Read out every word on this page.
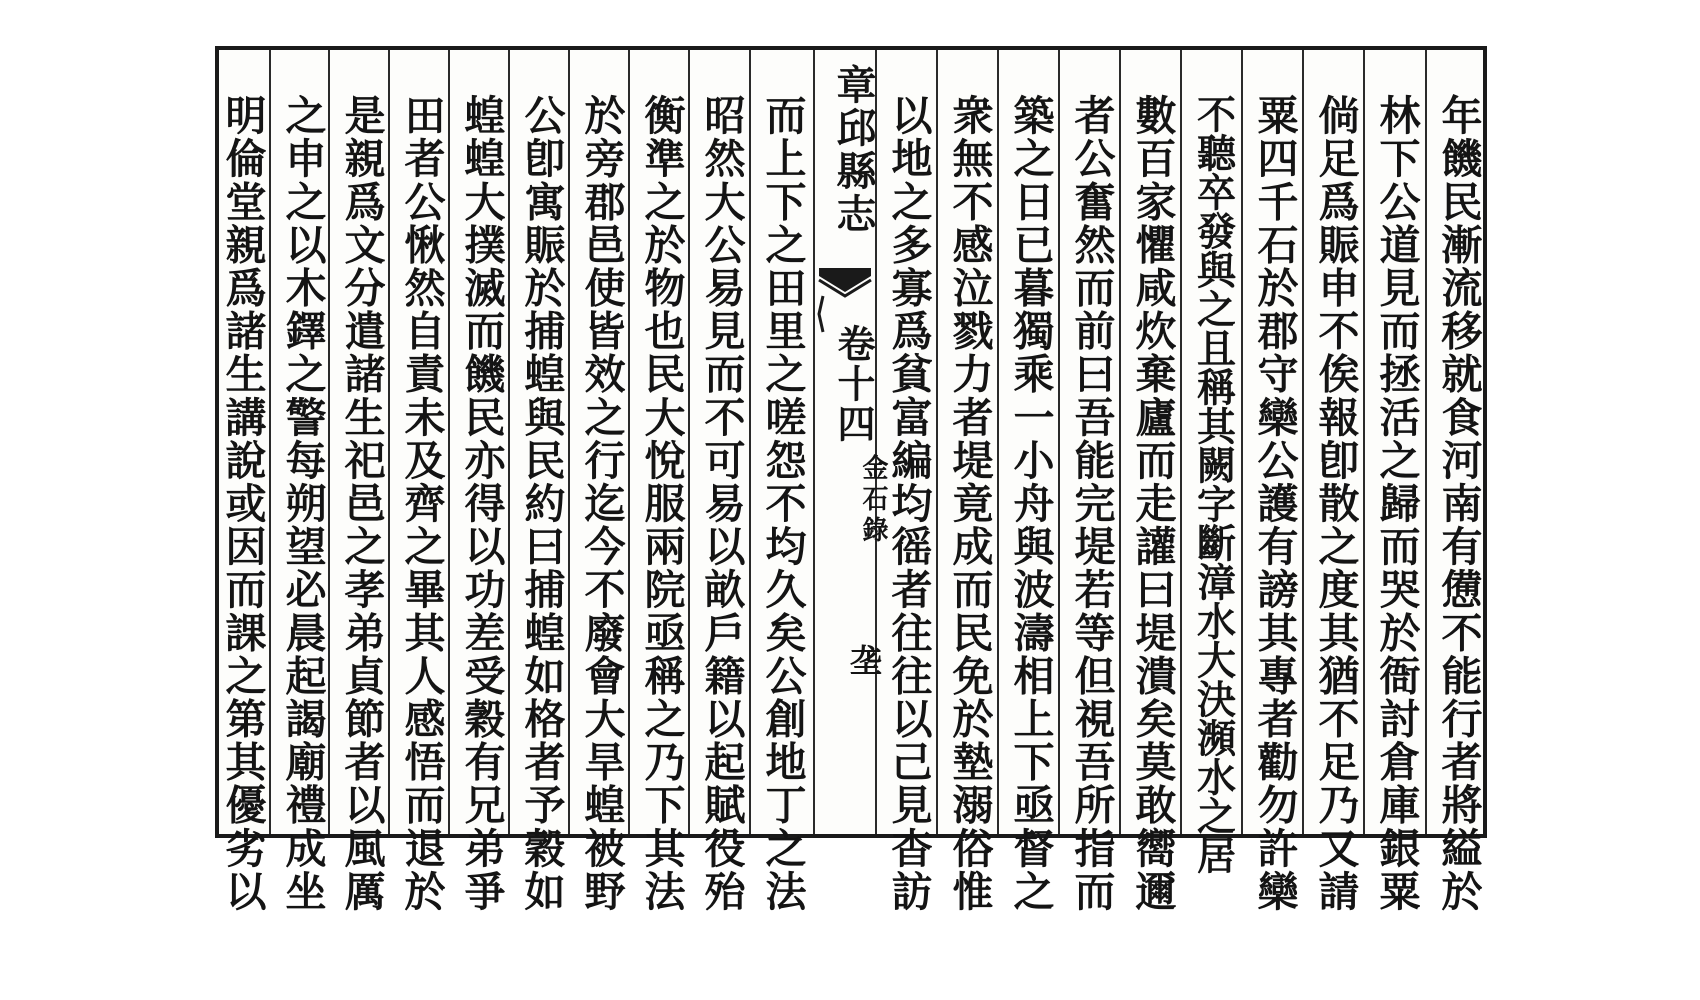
年饑民漸流移就食河南有憊不能行者將縊於
林下公道見而拯活之歸而哭於衙討倉庫銀粟
倘足爲賑申不俟報卽散之度其猶不足乃又請
粟四千石於郡守欒公護有謗其專者勸勿許欒
不聽卒發與之且稱其闕字斷漳水大決瀕水之居
數百家懼咸炊棄廬而走讙曰堤潰矣莫敢嚮邇
者公奮然而前曰吾能完堤若等但視吾所指而
築之日已暮獨乘一小舟與波濤相上下亟督之
衆無不感泣戮力者堤竟成而民免於墊溺俗惟
以地之多寡爲貧富編均徭者往往以己見杳訪
章邱縣志
卷十四
金石錄
垄
而上下之田里之嗟怨不均久矣公創地丁之法
昭然大公易見而不可易以畝戶籍以起賦役殆
衡準之於物也民大悅服兩院亟稱之乃下其法
於旁郡邑使皆效之行迄今不廢會大旱蝗被野
公卽寓賑於捕蝗與民約曰捕蝗如格者予穀如
蝗蝗大撲滅而饑民亦得以功差受穀有兄弟爭
田者公愀然自責未及齊之畢其人感悟而退於
是親爲文分遣諸生祀邑之孝弟貞節者以風厲
之申之以木鐸之警每朔望必晨起謁廟禮成坐
明倫堂親爲諸生講說或因而課之第其優劣以
